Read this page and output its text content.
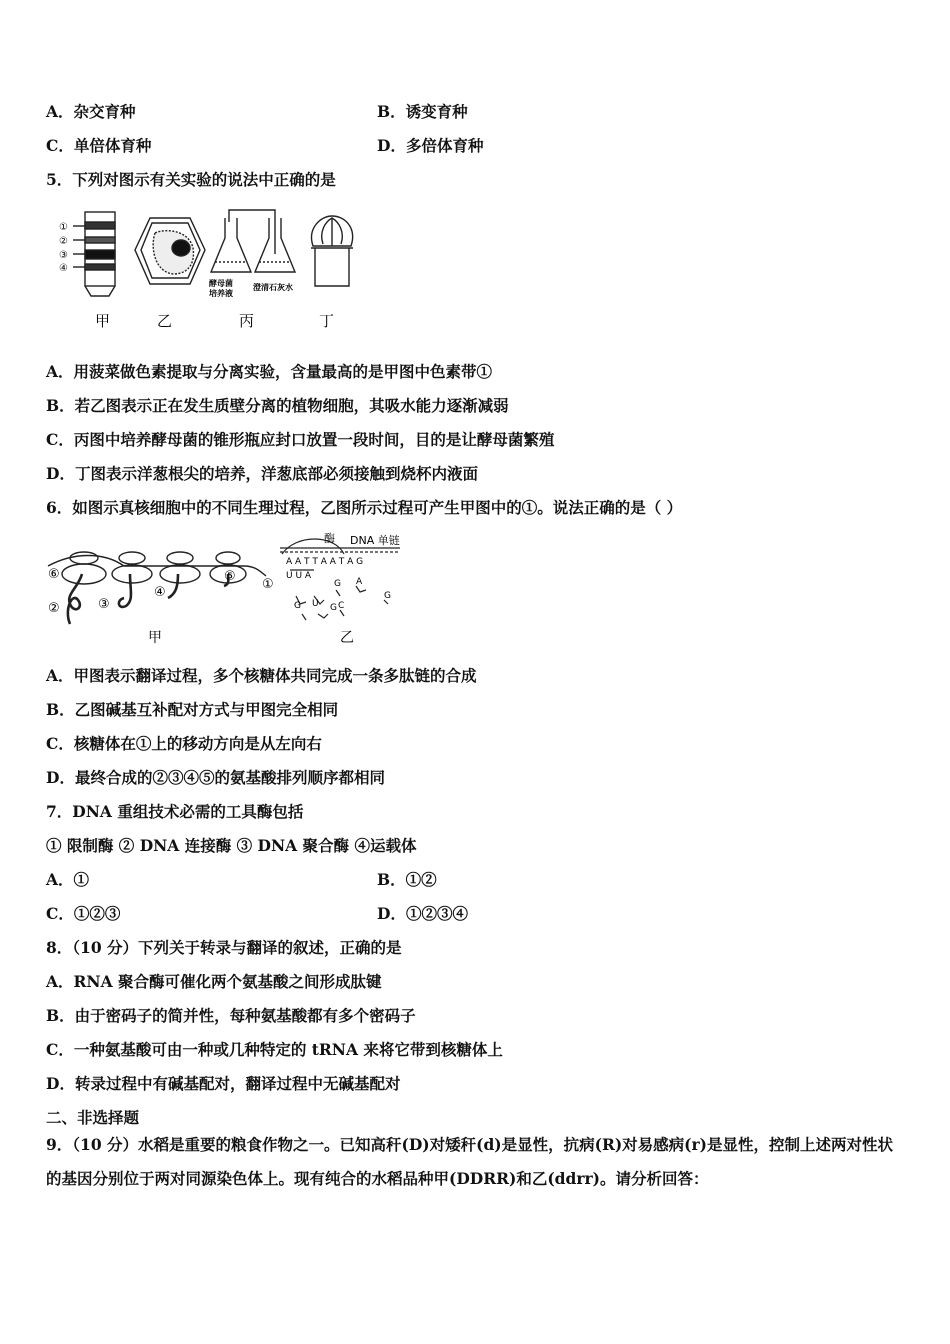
A．杂交育种	B．诱变育种
C．单倍体育种	D．多倍体育种
5．下列对图示有关实验的说法中正确的是
①
②
③
④
酵母菌
培养液
澄清石灰水
甲	乙	丙	丁
A．用菠菜做色素提取与分离实验，含量最高的是甲图中色素带①
B．若乙图表示正在发生质壁分离的植物细胞，其吸水能力逐渐减弱
C．丙图中培养酵母菌的锥形瓶应封口放置一段时间，目的是让酵母菌繁殖
D．丁图表示洋葱根尖的培养，洋葱底部必须接触到烧杯内液面
6．如图示真核细胞中的不同生理过程，乙图所示过程可产生甲图中的①。说法正确的是（ ）
⑥
②	③
④
⑤
①
甲
酶 DNA 单链
A A T T A A T A G
U U A
G A
G U C
G
G
乙
A．甲图表示翻译过程，多个核糖体共同完成一条多肽链的合成
B．乙图碱基互补配对方式与甲图完全相同
C．核糖体在①上的移动方向是从左向右
D．最终合成的②③④⑤的氨基酸排列顺序都相同
7．DNA 重组技术必需的工具酶包括
① 限制酶 ② DNA 连接酶 ③ DNA 聚合酶 ④运载体
A．①	B．①②
C．①②③	D．①②③④
8．（10 分）下列关于转录与翻译的叙述，正确的是
A．RNA 聚合酶可催化两个氨基酸之间形成肽键
B．由于密码子的简并性，每种氨基酸都有多个密码子
C．一种氨基酸可由一种或几种特定的 tRNA 来将它带到核糖体上
D．转录过程中有碱基配对，翻译过程中无碱基配对
二、非选择题
9．（10 分）水稻是重要的粮食作物之一。已知高秆(D)对矮秆(d)是显性，抗病(R)对易感病(r)是显性，控制上述两对性状的基因分别位于两对同源染色体上。现有纯合的水稻品种甲(DDRR)和乙(ddrr)。请分析回答：
